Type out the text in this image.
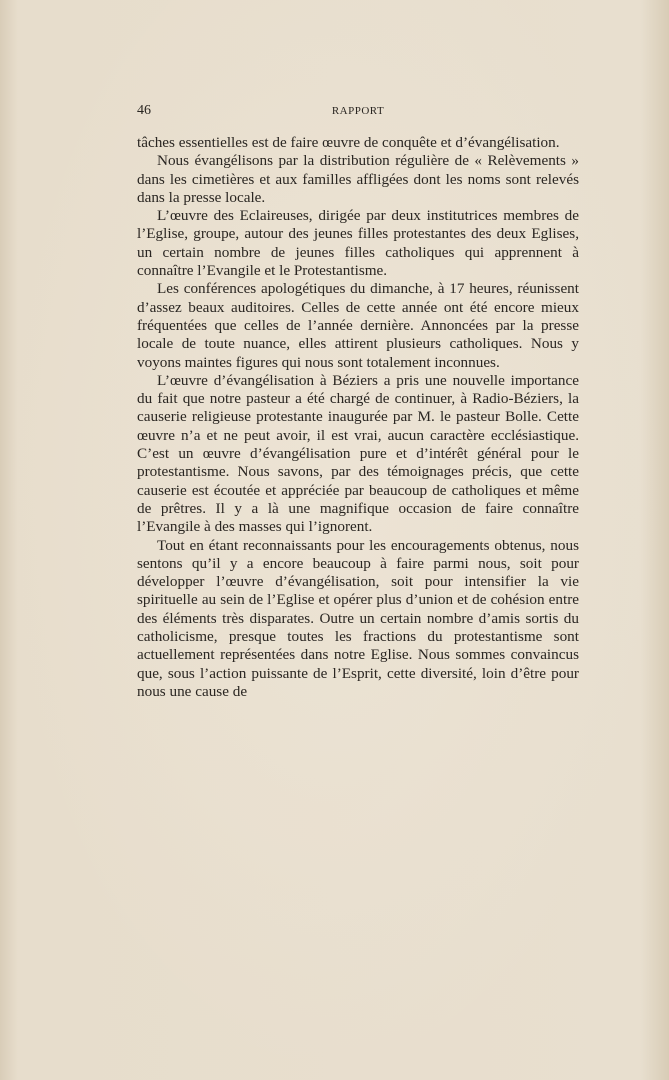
46	RAPPORT

tâches essentielles est de faire œuvre de conquête et d’évangélisation.

Nous évangélisons par la distribution régulière de « Relèvements » dans les cimetières et aux familles affligées dont les noms sont relevés dans la presse locale.

L’œuvre des Eclaireuses, dirigée par deux institutrices membres de l’Eglise, groupe, autour des jeunes filles protestantes des deux Eglises, un certain nombre de jeunes filles catholiques qui apprennent à connaître l’Evangile et le Protestantisme.

Les conférences apologétiques du dimanche, à 17 heures, réunissent d’assez beaux auditoires. Celles de cette année ont été encore mieux fréquentées que celles de l’année dernière. Annoncées par la presse locale de toute nuance, elles attirent plusieurs catholiques. Nous y voyons maintes figures qui nous sont totalement inconnues.

L’œuvre d’évangélisation à Béziers a pris une nouvelle importance du fait que notre pasteur a été chargé de continuer, à Radio-Béziers, la causerie religieuse protestante inaugurée par M. le pasteur Bolle. Cette œuvre n’a et ne peut avoir, il est vrai, aucun caractère ecclésiastique. C’est un œuvre d’évangélisation pure et d’intérêt général pour le protestantisme. Nous savons, par des témoignages précis, que cette causerie est écoutée et appréciée par beaucoup de catholiques et même de prêtres. Il y a là une magnifique occasion de faire connaître l’Evangile à des masses qui l’ignorent.

Tout en étant reconnaissants pour les encouragements obtenus, nous sentons qu’il y a encore beaucoup à faire parmi nous, soit pour développer l’œuvre d’évangélisation, soit pour intensifier la vie spirituelle au sein de l’Eglise et opérer plus d’union et de cohésion entre des éléments très disparates. Outre un certain nombre d’amis sortis du catholicisme, presque toutes les fractions du protestantisme sont actuellement représentées dans notre Eglise. Nous sommes convaincus que, sous l’action puissante de l’Esprit, cette diversité, loin d’être pour nous une cause de
